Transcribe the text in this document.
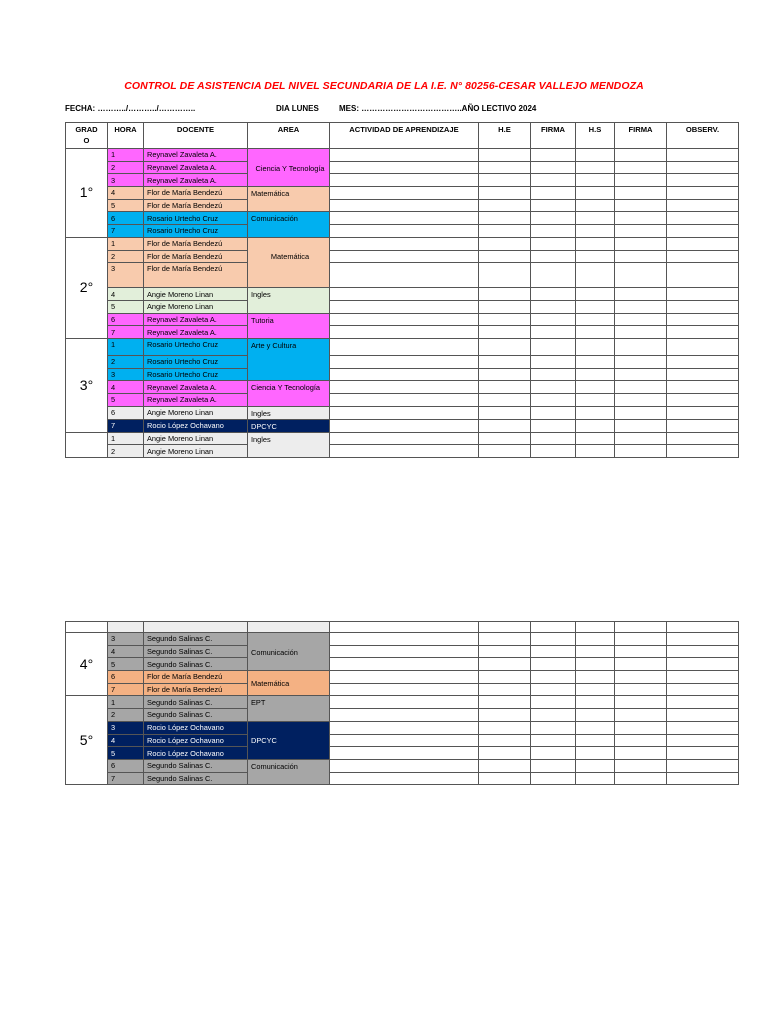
CONTROL DE ASISTENCIA DEL NIVEL SECUNDARIA DE LA I.E. N° 80256-CESAR VALLEJO MENDOZA
FECHA: ………../………../…………..	DIA LUNES	MES: ………………………………..AÑO LECTIVO 2024
GRAD
O	HORA	DOCENTE	AREA	ACTIVIDAD DE APRENDIZAJE	H.E	FIRMA	H.S	FIRMA	OBSERV.
1°	1	Reynavel Zavaleta A.	Ciencia Y Tecnología						
	2	Reynavel Zavaleta A.							
	3	Reynavel Zavaleta A.							
	4	Flor de María Bendezú	Matemática						
	5	Flor de María Bendezú							
	6	Rosario Urtecho Cruz	Comunicación						
	7	Rosario Urtecho Cruz							
2°	1	Flor de María Bendezú	Matemática						
	2	Flor de María Bendezú							
	3	Flor de María Bendezú							
	4	Angie Moreno Linan	Ingles						
	5	Angie Moreno Linan							
	6	Reynavel Zavaleta A.	Tutoria						
	7	Reynavel Zavaleta A.							
3°	1	Rosario Urtecho Cruz	Arte y Cultura						
	2	Rosario Urtecho Cruz							
	3	Rosario Urtecho Cruz							
	4	Reynavel Zavaleta A.	Ciencia Y Tecnología						
	5	Reynavel Zavaleta A.							
	6	Angie Moreno Linan	Ingles						
	7	Rocio López Ochavano	DPCYC						
	1	Angie Moreno Linan	Ingles						
	2	Angie Moreno Linan							

4°	3	Segundo Salinas C.	Comunicación						
	4	Segundo Salinas C.							
	5	Segundo Salinas C.							
	6	Flor de María Bendezú	Matemática						
	7	Flor de María Bendezú							
5°	1	Segundo Salinas C.	EPT						
	2	Segundo Salinas C.							
	3	Rocio López Ochavano	DPCYC						
	4	Rocio López Ochavano							
	5	Rocio López Ochavano							
	6	Segundo Salinas C.	Comunicación						
	7	Segundo Salinas C.							
